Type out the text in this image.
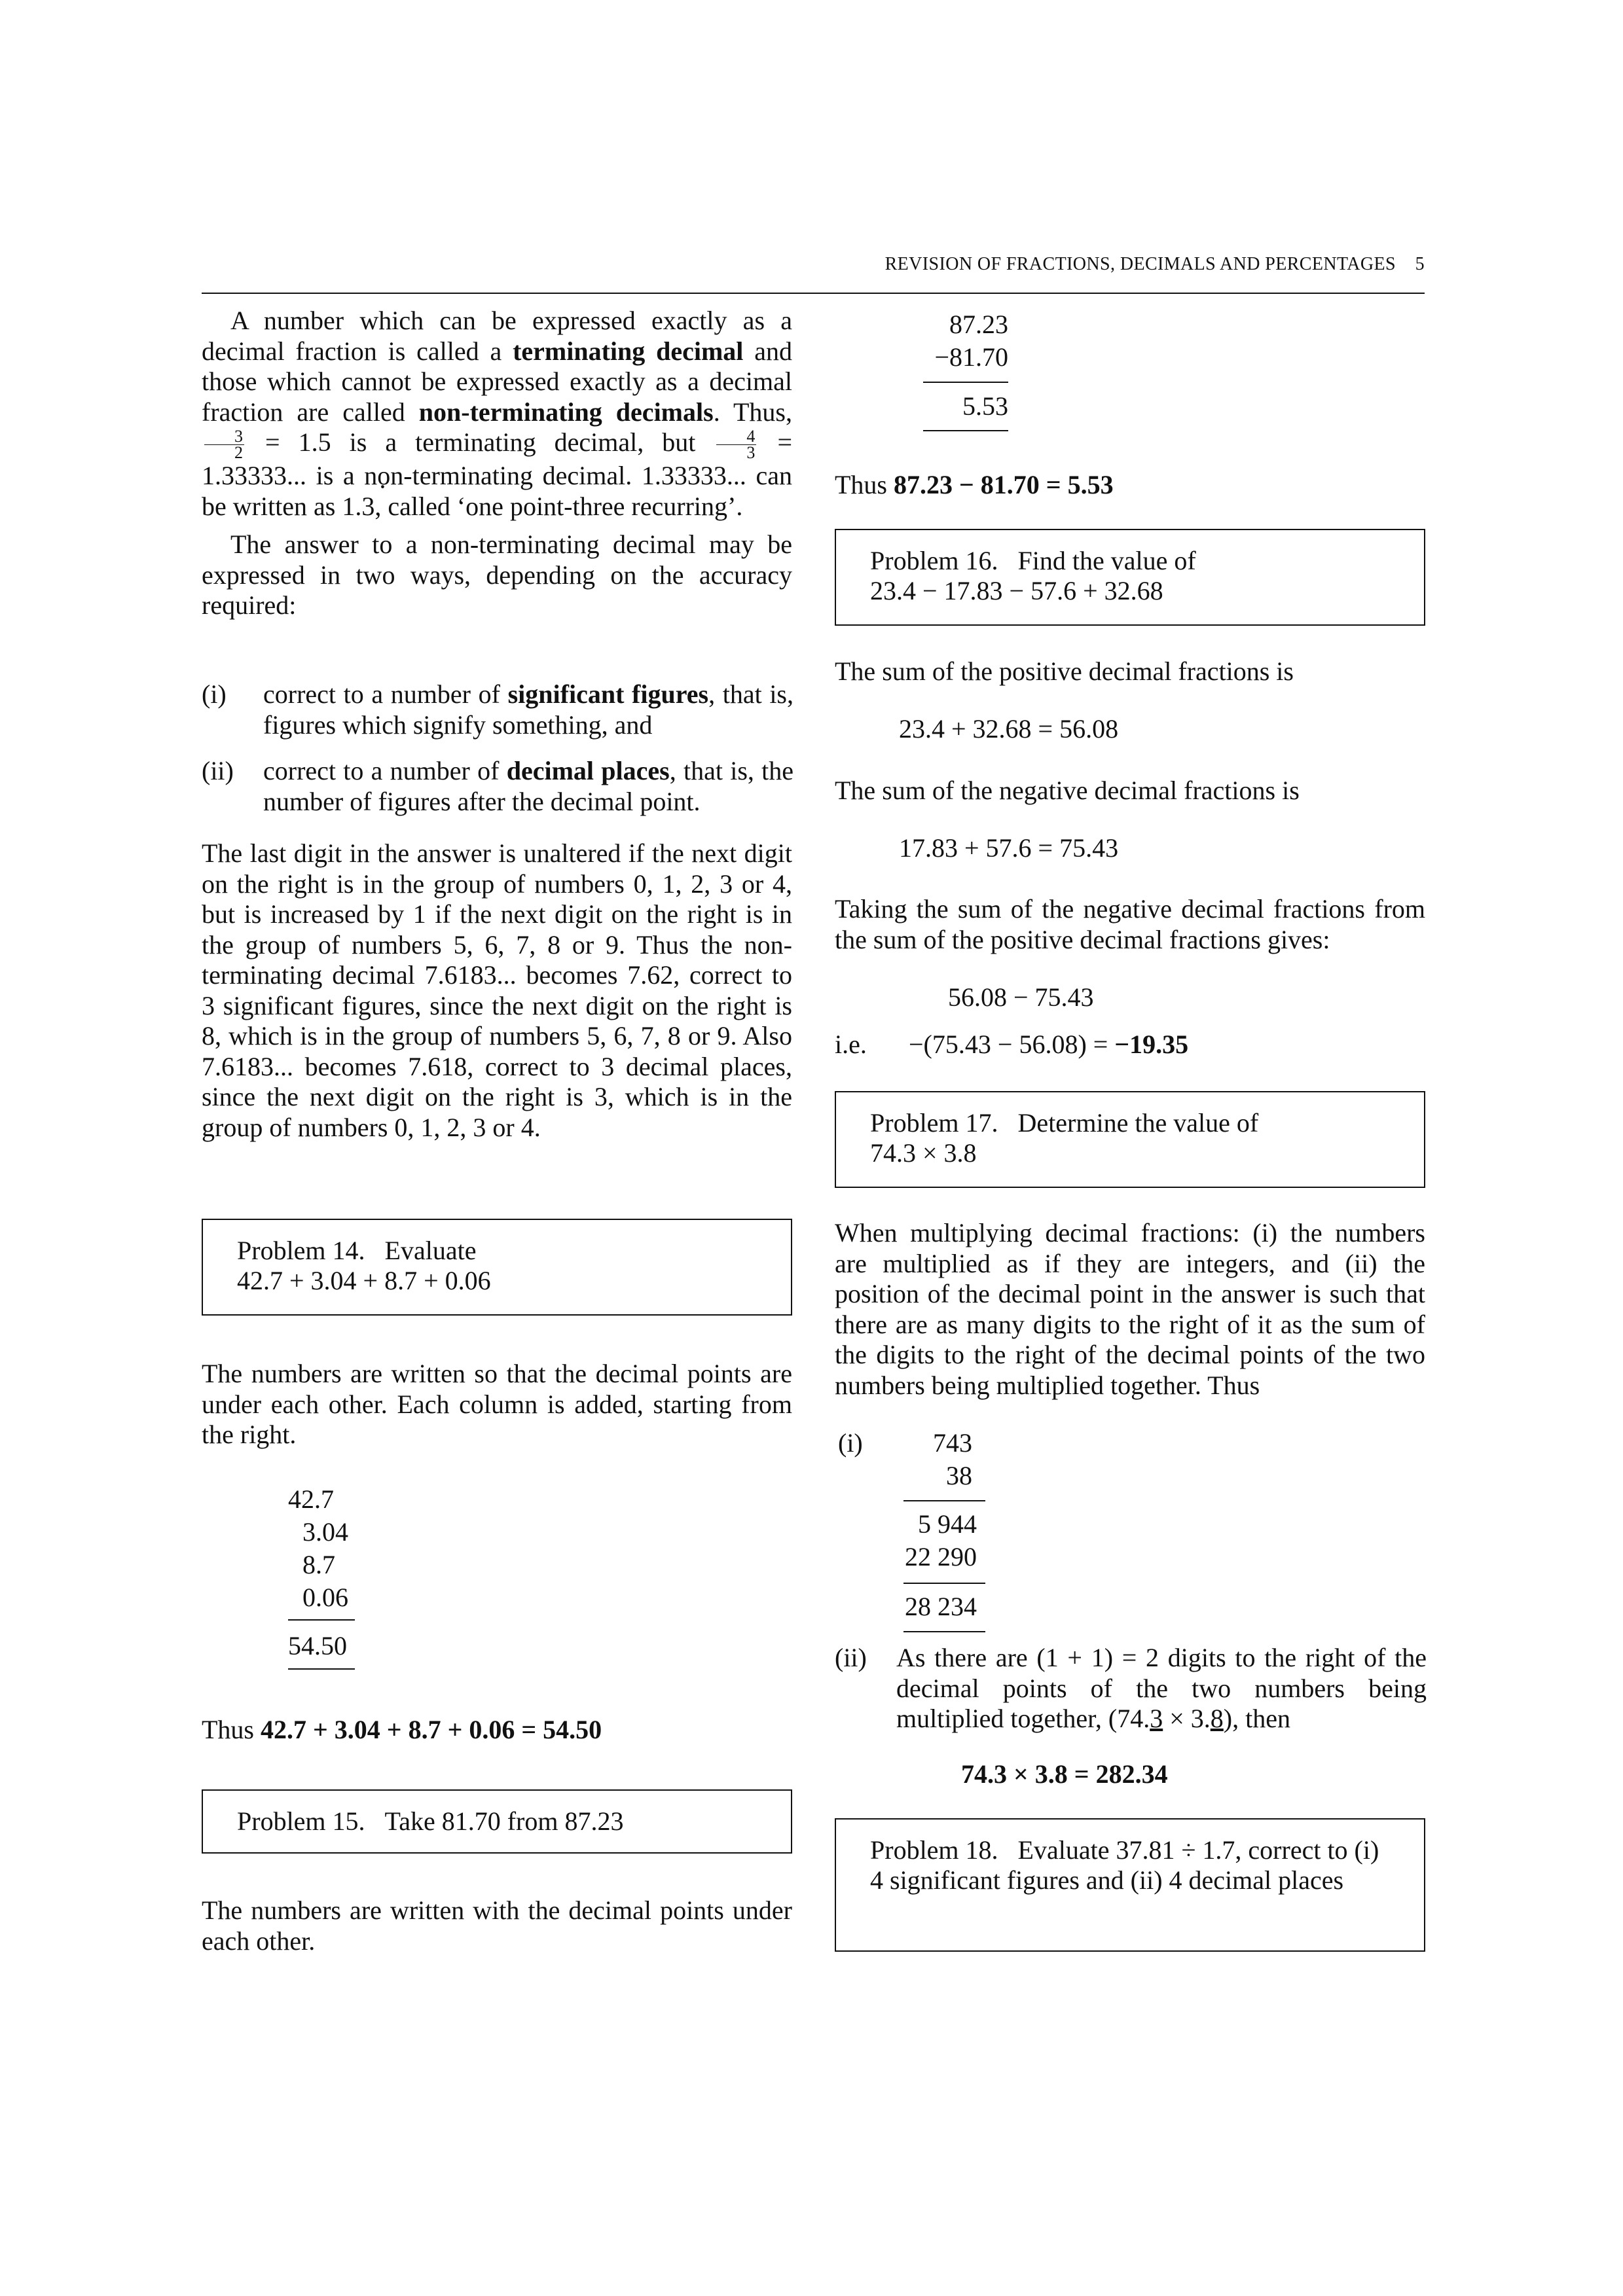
REVISION OF FRACTIONS, DECIMALS AND PERCENTAGES 5
A number which can be expressed exactly as a decimal fraction is called a terminating decimal and those which cannot be expressed exactly as a decimal fraction are called non-terminating decimals. Thus,
$\frac{3}{2} = 1.5$ is a terminating decimal, but $\frac{4}{3} = 1.33333$... is a non-terminating decimal. 1.33333... can be written as 1.3 ·, called ‘one point-three recurring’.
The answer to a non-terminating decimal may be expressed in two ways, depending on the accuracy required:
(i) correct to a number of significant figures, that is, figures which signify something, and
(ii) correct to a number of decimal places, that is, the number of figures after the decimal point.
The last digit in the answer is unaltered if the next digit on the right is in the group of numbers 0, 1, 2, 3 or 4, but is increased by 1 if the next digit on the right is in the group of numbers 5, 6, 7, 8 or 9. Thus the non-terminating decimal 7.6183... becomes 7.62, correct to 3 significant figures, since the next digit on the right is 8, which is in the group of numbers 5, 6, 7, 8 or 9. Also 7.6183... becomes 7.618, correct to 3 decimal places, since the next digit on the right is 3, which is in the group of numbers 0, 1, 2, 3 or 4.
Problem 14. Evaluate
42.7 + 3.04 + 8.7 + 0.06
The numbers are written so that the decimal points are under each other. Each column is added, starting from the right.
42.7
3.04
8.7
0.06
54.50
Thus 42.7 + 3.04 + 8.7 + 0.06 = 54.50
Problem 15. Take 81.70 from 87.23
The numbers are written with the decimal points under each other.
87.23
−81.70
5.53
Thus 87.23 − 81.70 = 5.53
Problem 16. Find the value of
23.4 − 17.83 − 57.6 + 32.68
The sum of the positive decimal fractions is
23.4 + 32.68 = 56.08
The sum of the negative decimal fractions is
17.83 + 57.6 = 75.43
Taking the sum of the negative decimal fractions from the sum of the positive decimal fractions gives:
56.08 − 75.43
i.e. −(75.43 − 56.08) = −19.35
Problem 17. Determine the value of
74.3 × 3.8
When multiplying decimal fractions: (i) the numbers are multiplied as if they are integers, and (ii) the position of the decimal point in the answer is such that there are as many digits to the right of it as the sum of the digits to the right of the decimal points of the two numbers being multiplied together. Thus
(i)	743
38
5 944
22 290
28 234
(ii) As there are (1 + 1) = 2 digits to the right of the decimal points of the two numbers being multiplied together, (74.3 × 3.8), then
74.3 × 3.8 = 282.34
Problem 18. Evaluate 37.81 ÷ 1.7, correct to (i) 4 significant figures and (ii) 4 decimal places
